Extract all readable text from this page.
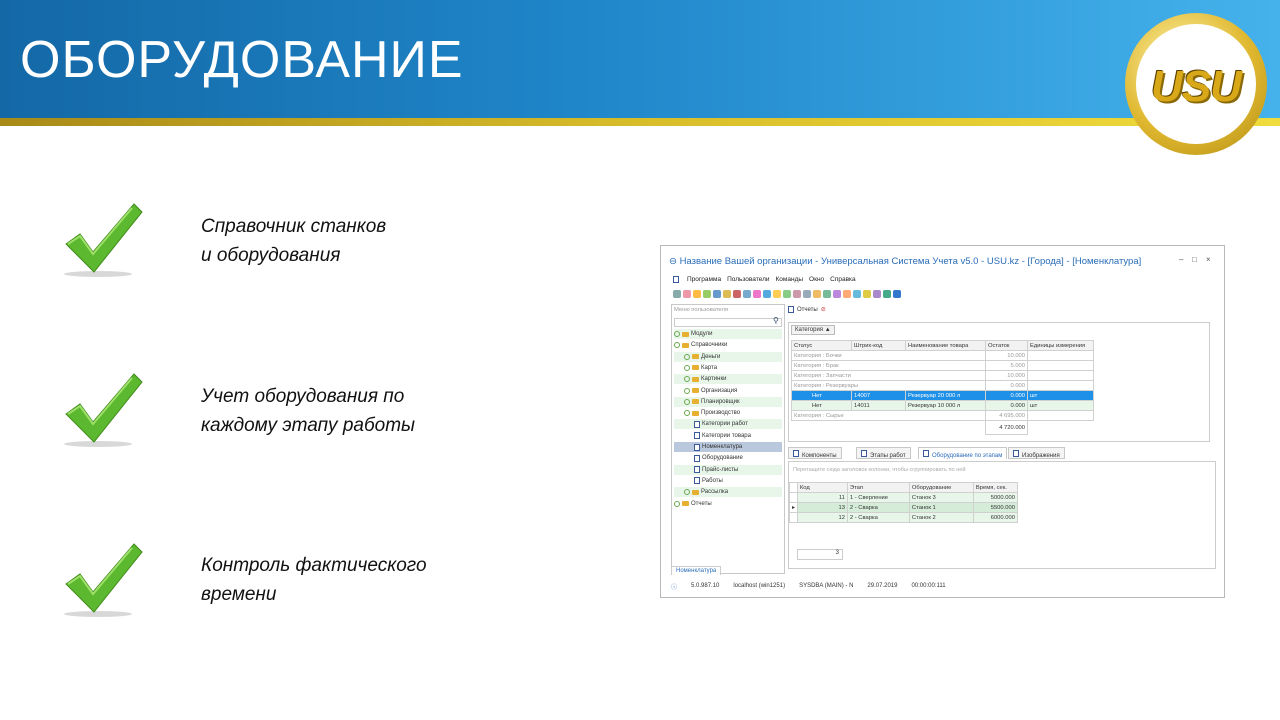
ОБОРУДОВАНИЕ	USU
Справочник станков
и оборудования
Учет оборудования по
каждому этапу работы
Контроль фактического
времени
⊖ Название Вашей организации - Универсальная Система Учета v5.0 - USU.kz - [Города] - [Номенклатура]	– □ ×
Программа Пользователи Команды Окно Справка
Меню пользователя
⚲
Модули
Справочники
Деньги
Карта
Картинки
Организация
Планировщик
Производство
Категории работ
Категории товара
Номенклатура
Оборудование
Прайс-листы
Работы
Рассылка
Отчеты
Отчеты ⊘
Категория ▲
Статус	Штрих-код	Наименование товара	Остаток	Единицы измерения
Категория : Бочки			10.000	
Категория : Брак			5.000	
Категория : Запчасти			10.000	
Категория : Резервуары			0.000	
Нет	14007	Резервуар 20 000 л	0.000	шт
Нет	14011	Резервуар 10 000 л	0.000	шт
Категория : Сырье			4 695.000	
			4 720.000	
Компоненты	Этапы работ	Оборудование по этапам	Изображения
Перетащите сюда заголовок колонки, чтобы сгруппировать по ней
	Код	Этап	Оборудование	Время, сек.
	11	1 - Сверление	Станок 3	5000.000
▸	13	2 - Сварка	Станок 1	5500.000
	12	2 - Сварка	Станок 2	6000.000
3
Номенклатура
ⓘ 5.0.987.10 localhost (win1251) SYSDBA (MAIN) - N 29.07.2019 00:00:00:111
